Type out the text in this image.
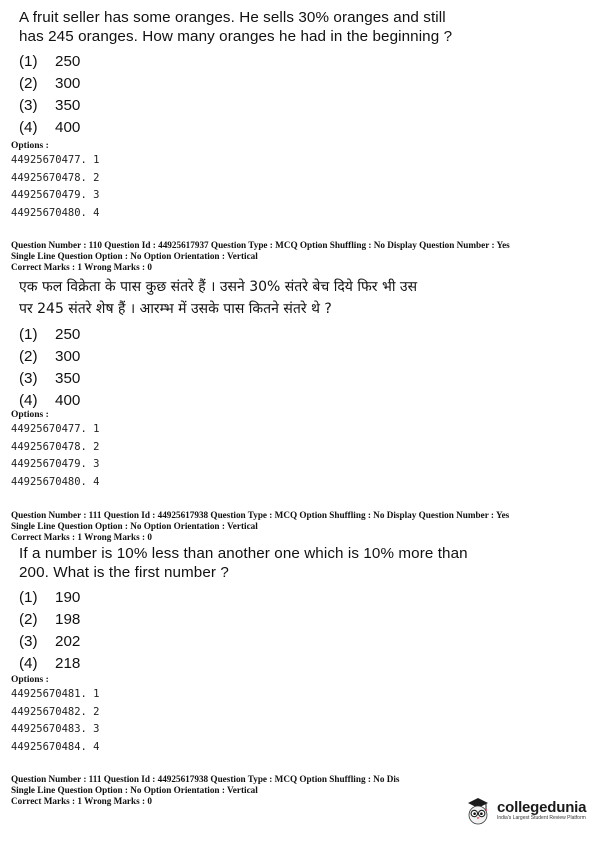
A fruit seller has some oranges. He sells 30% oranges and still
has 245 oranges. How many oranges he had in the beginning ?
(1)	250
(2)	300
(3)	350
(4)	400
Options :
44925670477. 1
44925670478. 2
44925670479. 3
44925670480. 4
Question Number : 110 Question Id : 44925617937 Question Type : MCQ Option Shuffling : No Display Question Number : Yes
Single Line Question Option : No Option Orientation : Vertical
Correct Marks : 1 Wrong Marks : 0
एक फल विक्रेता के पास कुछ संतरे हैं । उसने 30% संतरे बेच दिये फिर भी उस
पर 245 संतरे शेष हैं । आरम्भ में उसके पास कितने संतरे थे ?
(1)	250
(2)	300
(3)	350
(4)	400
Options :
44925670477. 1
44925670478. 2
44925670479. 3
44925670480. 4
Question Number : 111 Question Id : 44925617938 Question Type : MCQ Option Shuffling : No Display Question Number : Yes
Single Line Question Option : No Option Orientation : Vertical
Correct Marks : 1 Wrong Marks : 0
If a number is 10% less than another one which is 10% more than
200. What is the first number ?
(1)	190
(2)	198
(3)	202
(4)	218
Options :
44925670481. 1
44925670482. 2
44925670483. 3
44925670484. 4
Question Number : 111 Question Id : 44925617938 Question Type : MCQ Option Shuffling : No Dis
Single Line Question Option : No Option Orientation : Vertical
Correct Marks : 1 Wrong Marks : 0	collegedunia
India's Largest Student Review Platform
